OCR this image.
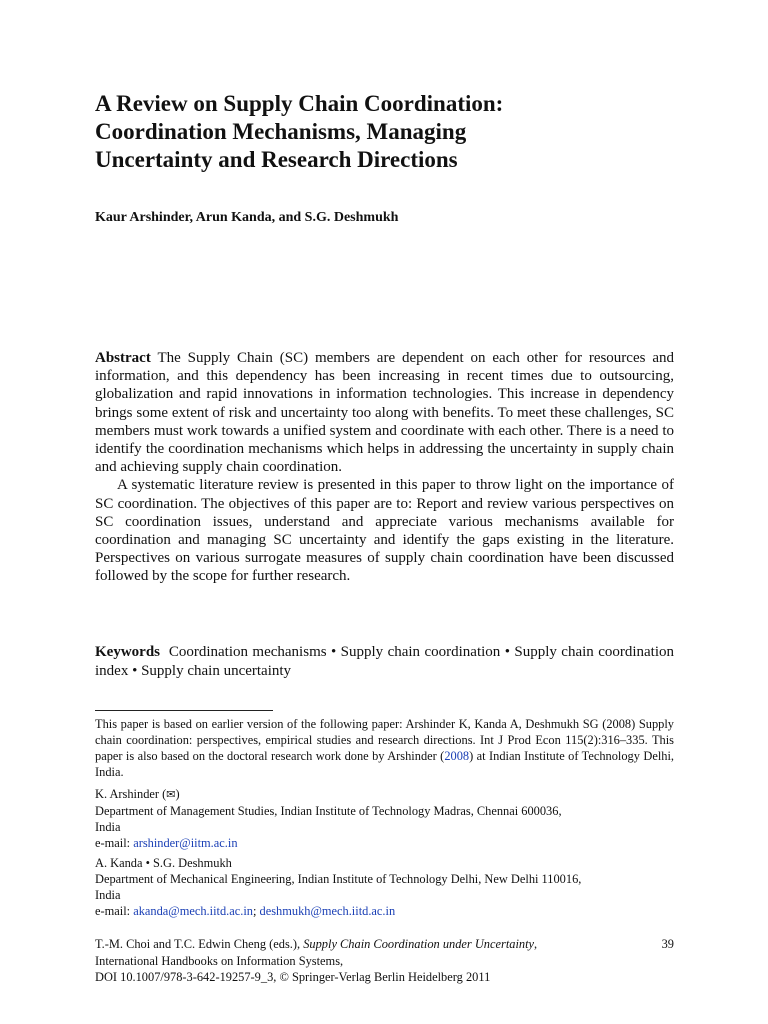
A Review on Supply Chain Coordination:
Coordination Mechanisms, Managing
Uncertainty and Research Directions
Kaur Arshinder, Arun Kanda, and S.G. Deshmukh

Abstract The Supply Chain (SC) members are dependent on each other for resources and information, and this dependency has been increasing in recent times due to outsourcing, globalization and rapid innovations in information technologies. This increase in dependency brings some extent of risk and uncertainty too along with benefits. To meet these challenges, SC members must work towards a unified system and coordinate with each other. There is a need to identify the coordination mechanisms which helps in addressing the uncertainty in supply chain and achieving supply chain coordination.

A systematic literature review is presented in this paper to throw light on the importance of SC coordination. The objectives of this paper are to: Report and review various perspectives on SC coordination issues, understand and appreciate various mechanisms available for coordination and managing SC uncertainty and identify the gaps existing in the literature. Perspectives on various surrogate measures of supply chain coordination have been discussed followed by the scope for further research.

Keywords Coordination mechanisms • Supply chain coordination • Supply chain coordination index • Supply chain uncertainty

This paper is based on earlier version of the following paper: Arshinder K, Kanda A, Deshmukh SG (2008) Supply chain coordination: perspectives, empirical studies and research directions. Int J Prod Econ 115(2):316–335. This paper is also based on the doctoral research work done by Arshinder (2008) at Indian Institute of Technology Delhi, India.

K. Arshinder (✉)
Department of Management Studies, Indian Institute of Technology Madras, Chennai 600036,
India
e-mail: arshinder@iitm.ac.in
A. Kanda • S.G. Deshmukh
Department of Mechanical Engineering, Indian Institute of Technology Delhi, New Delhi 110016,
India
e-mail: akanda@mech.iitd.ac.in; deshmukh@mech.iitd.ac.in
T.-M. Choi and T.C. Edwin Cheng (eds.), Supply Chain Coordination under Uncertainty,
International Handbooks on Information Systems,
DOI 10.1007/978-3-642-19257-9_3, © Springer-Verlag Berlin Heidelberg 2011
39
